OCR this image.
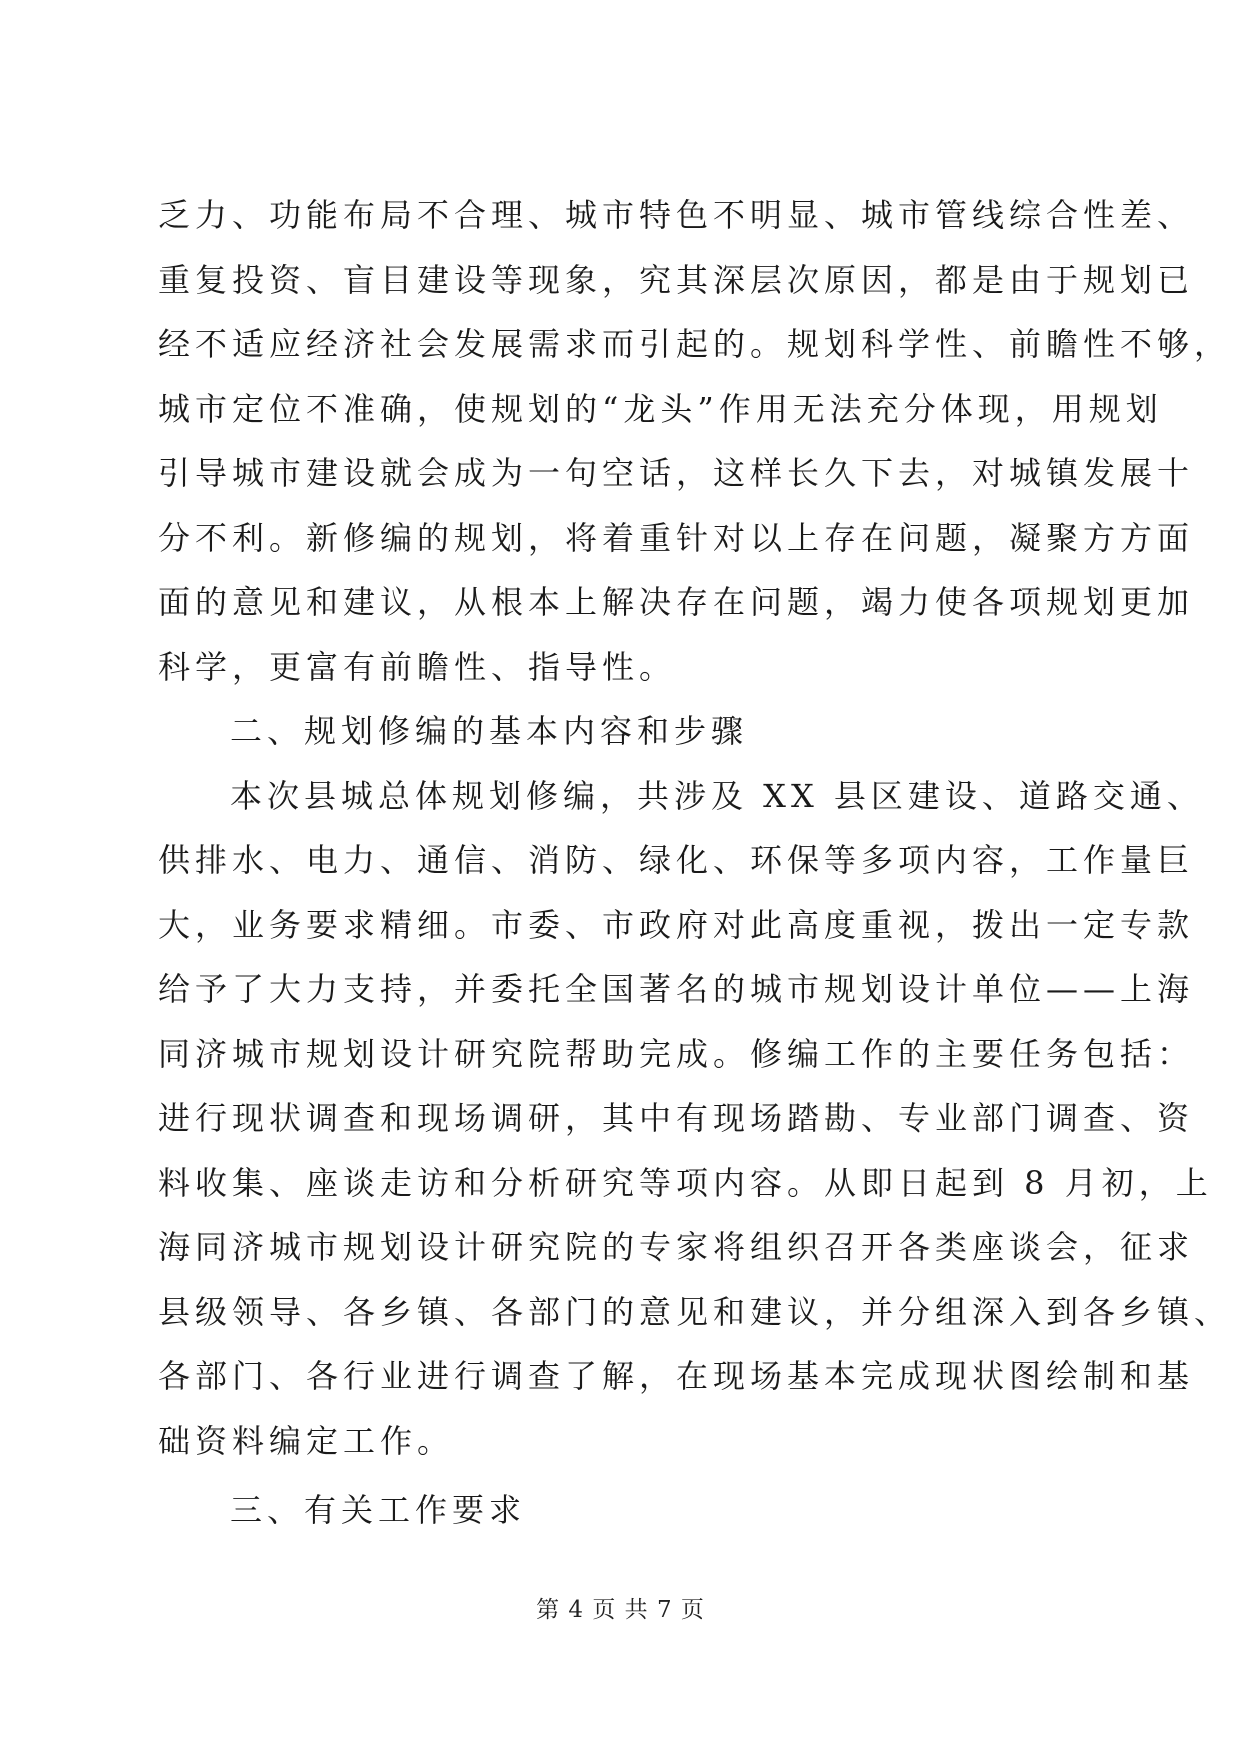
乏力、功能布局不合理、城市特色不明显、城市管线综合性差、
重复投资、盲目建设等现象，究其深层次原因，都是由于规划已
经不适应经济社会发展需求而引起的。规划科学性、前瞻性不够，
城市定位不准确，使规划的“龙头”作用无法充分体现，用规划
引导城市建设就会成为一句空话，这样长久下去，对城镇发展十
分不利。新修编的规划，将着重针对以上存在问题，凝聚方方面
面的意见和建议，从根本上解决存在问题，竭力使各项规划更加
科学，更富有前瞻性、指导性。
二、规划修编的基本内容和步骤
本次县城总体规划修编，共涉及 XX 县区建设、道路交通、
供排水、电力、通信、消防、绿化、环保等多项内容，工作量巨
大，业务要求精细。市委、市政府对此高度重视，拨出一定专款
给予了大力支持，并委托全国著名的城市规划设计单位——上海
同济城市规划设计研究院帮助完成。修编工作的主要任务包括：
进行现状调查和现场调研，其中有现场踏勘、专业部门调查、资
料收集、座谈走访和分析研究等项内容。从即日起到 8 月初，上
海同济城市规划设计研究院的专家将组织召开各类座谈会，征求
县级领导、各乡镇、各部门的意见和建议，并分组深入到各乡镇、
各部门、各行业进行调查了解，在现场基本完成现状图绘制和基
础资料编定工作。
三、有关工作要求
第 4 页 共 7 页
